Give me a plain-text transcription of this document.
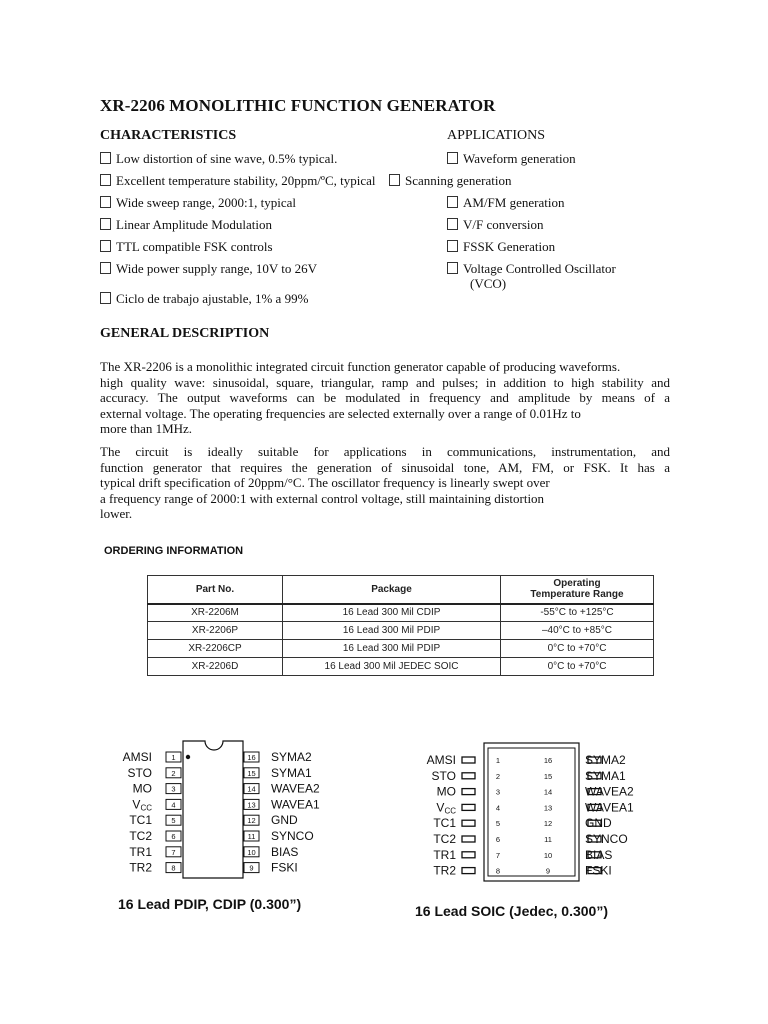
XR-2206 MONOLITHIC FUNCTION GENERATOR
CHARACTERISTICS	APPLICATIONS
Low distortion of sine wave, 0.5% typical.
Excellent temperature stability, 20ppm/ºC, typical
Wide sweep range, 2000:1, typical
Linear Amplitude Modulation
TTL compatible FSK controls
Wide power supply range, 10V to 26V
Ciclo de trabajo ajustable, 1% a 99%
Waveform generation
Scanning generation
AM/FM generation
V/F conversion
FSSK Generation
Voltage Controlled Oscillator
(VCO)
GENERAL DESCRIPTION
The XR-2206 is a monolithic integrated circuit function generator capable of producing waveforms.
high quality wave: sinusoidal, square, triangular, ramp and pulses; in addition to high stability and
accuracy. The output waveforms can be modulated in frequency and amplitude by means of a
external voltage. The operating frequencies are selected externally over a range of 0.01Hz to
more than 1MHz.
The circuit is ideally suitable for applications in communications, instrumentation, and
function generator that requires the generation of sinusoidal tone, AM, FM, or FSK. It has a
typical drift specification of 20ppm/°C. The oscillator frequency is linearly swept over
a frequency range of 2000:1 with external control voltage, still maintaining distortion
lower.
ORDERING INFORMATION
Part No.	Package	Operating
Temperature Range

XR-2206M	16 Lead 300 Mil CDIP	-55°C to +125°C
XR-2206P	16 Lead 300 Mil PDIP	–40°C to +85°C
XR-2206CP	16 Lead 300 Mil PDIP	0°C to +70°C
XR-2206D	16 Lead 300 Mil JEDEC SOIC	0°C to +70°C
AMSI	1	16 SYMA2
STO	2	15 SYMA1
MO	3	14 WAVEA2
VCC	4	13 WAVEA1
TC1	5	12 GND
TC2	6	11 SYNCO
TR1	7	10 BIAS
TR2	8	9 FSKI
AMSI	1	16	SYMA2
STO	2	15	SYMA1
MO	3	14	WAVEA2
VCC	4	13	WAVEA1
TC1	5	12	GND
TC2	6	11	SYNCO
TR1	7	10	BIAS
TR2	8	9	FSKI
16 Lead PDIP, CDIP (0.300”)	16 Lead SOIC (Jedec, 0.300”)
